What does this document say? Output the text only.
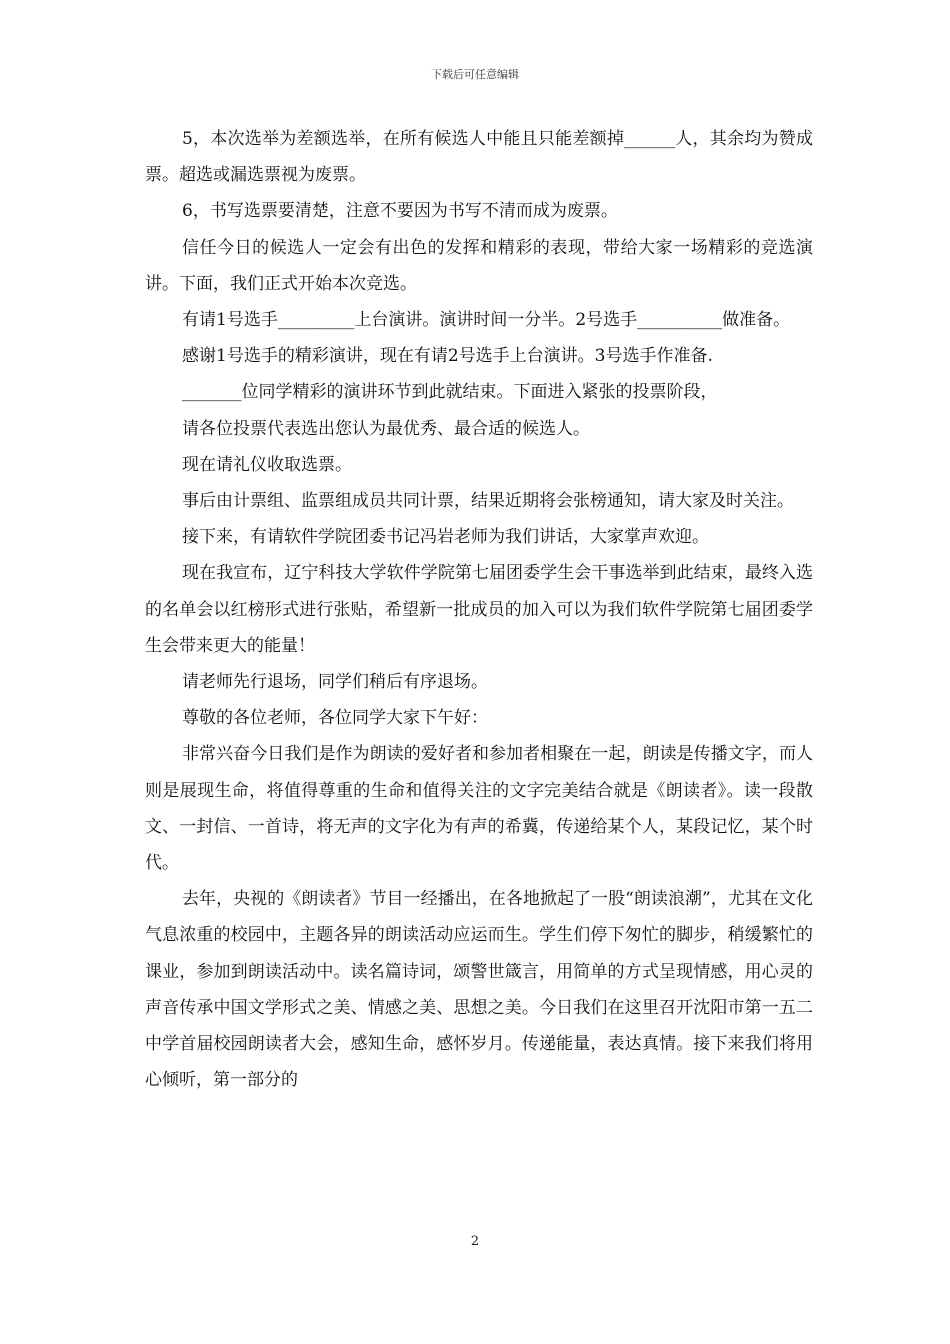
下载后可任意编辑

5，本次选举为差额选举，在所有候选人中能且只能差额掉______人，其余均为赞成票。超选或漏选票视为废票。

6，书写选票要清楚，注意不要因为书写不清而成为废票。

信任今日的候选人一定会有出色的发挥和精彩的表现，带给大家一场精彩的竞选演讲。下面，我们正式开始本次竞选。

有请1号选手_________上台演讲。演讲时间一分半。2号选手__________做准备。

感谢1号选手的精彩演讲，现在有请2号选手上台演讲。3号选手作准备.

_______位同学精彩的演讲环节到此就结束。下面进入紧张的投票阶段，

请各位投票代表选出您认为最优秀、最合适的候选人。

现在请礼仪收取选票。

事后由计票组、监票组成员共同计票，结果近期将会张榜通知，请大家及时关注。

接下来，有请软件学院团委书记冯岩老师为我们讲话，大家掌声欢迎。

现在我宣布，辽宁科技大学软件学院第七届团委学生会干事选举到此结束，最终入选的名单会以红榜形式进行张贴，希望新一批成员的加入可以为我们软件学院第七届团委学生会带来更大的能量！

请老师先行退场，同学们稍后有序退场。

尊敬的各位老师，各位同学大家下午好：

非常兴奋今日我们是作为朗读的爱好者和参加者相聚在一起，朗读是传播文字，而人则是展现生命，将值得尊重的生命和值得关注的文字完美结合就是《朗读者》。读一段散文、一封信、一首诗，将无声的文字化为有声的希冀，传递给某个人，某段记忆，某个时代。

去年，央视的《朗读者》节目一经播出，在各地掀起了一股“朗读浪潮”，尤其在文化气息浓重的校园中，主题各异的朗读活动应运而生。学生们停下匆忙的脚步，稍缓繁忙的课业，参加到朗读活动中。读名篇诗词，颂警世箴言，用简单的方式呈现情感，用心灵的声音传承中国文学形式之美、情感之美、思想之美。今日我们在这里召开沈阳市第一五二中学首届校园朗读者大会，感知生命，感怀岁月。传递能量，表达真情。接下来我们将用心倾听，第一部分的

2
